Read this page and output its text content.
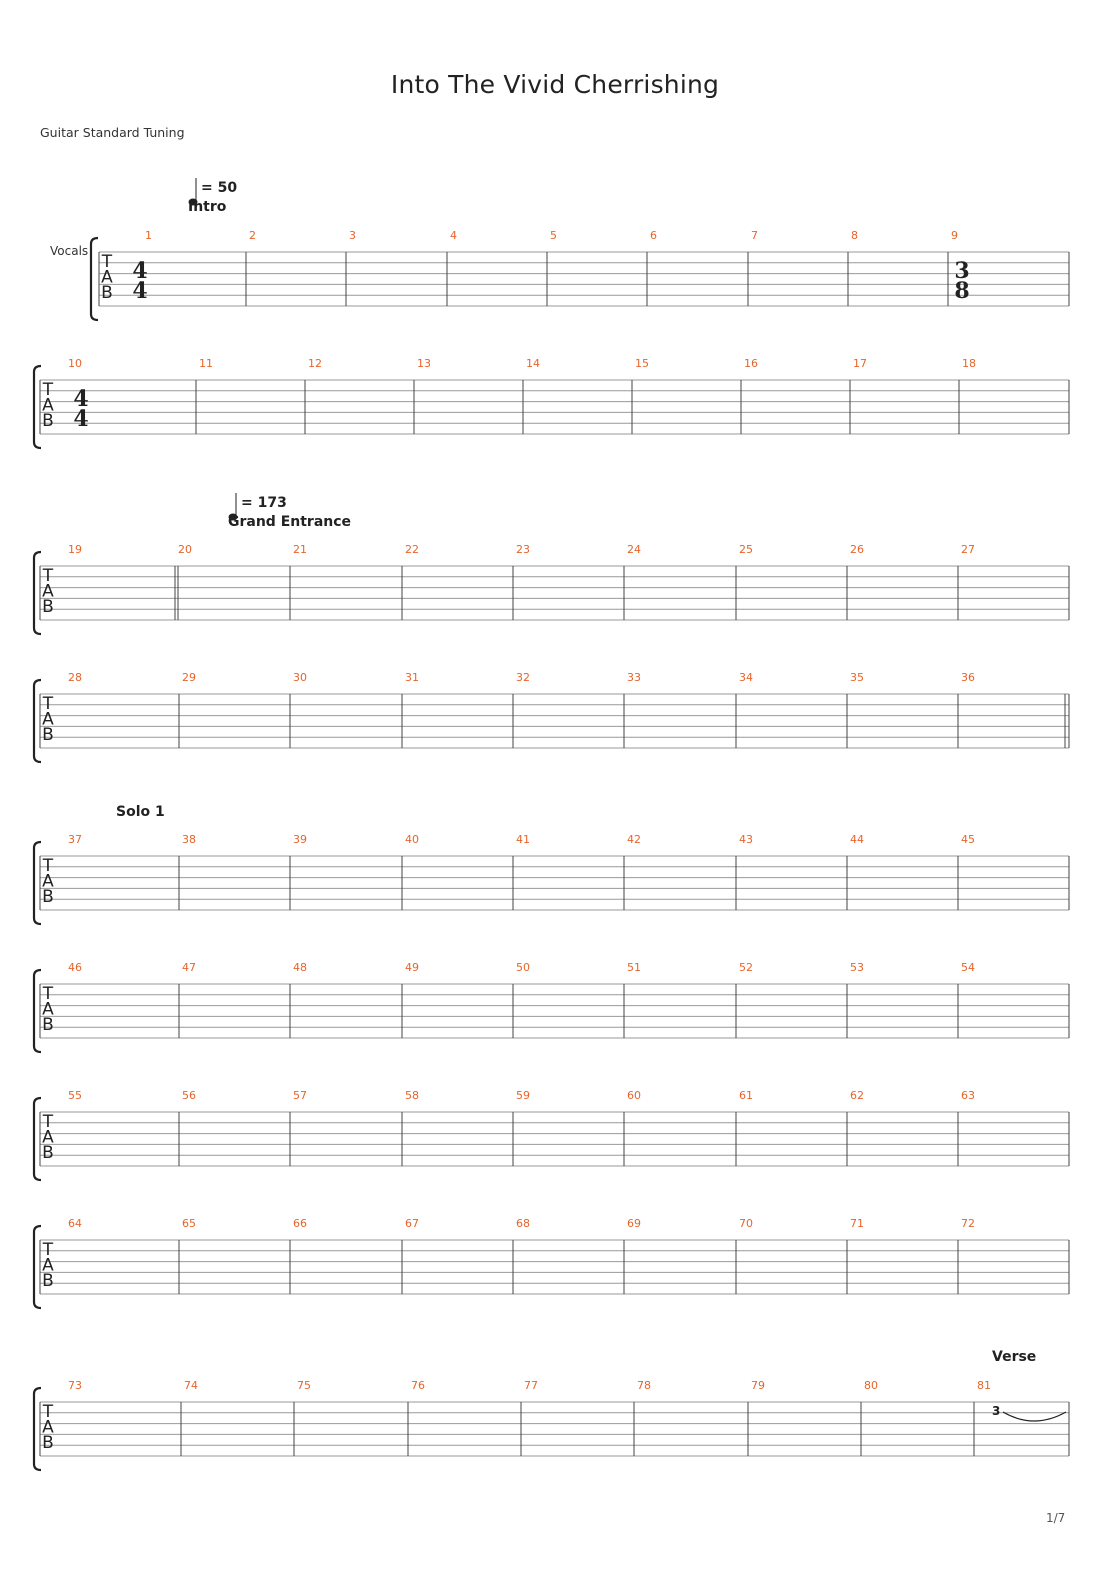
Into The Vivid Cherrishing
Guitar Standard Tuning
1/7
T
A
B
1	2	3	4	5	6	7	8	9
T
A
B
10	11	12	13	14	15	16	17	18
T
A
B
19	20	21	22	23	24	25	26	27
T
A
B
28	29	30	31	32	33	34	35	36
T
A
B
37	38	39	40	41	42	43	44	45
T
A
B
46	47	48	49	50	51	52	53	54
T
A
B
55	56	57	58	59	60	61	62	63
T
A
B
64	65	66	67	68	69	70	71	72
T
A
B
73	74	75	76	77	78	79	80	81
Vocals
4
4
3
8
4
4
= 50
Intro
= 173
Grand Entrance
Solo 1
Verse
3
